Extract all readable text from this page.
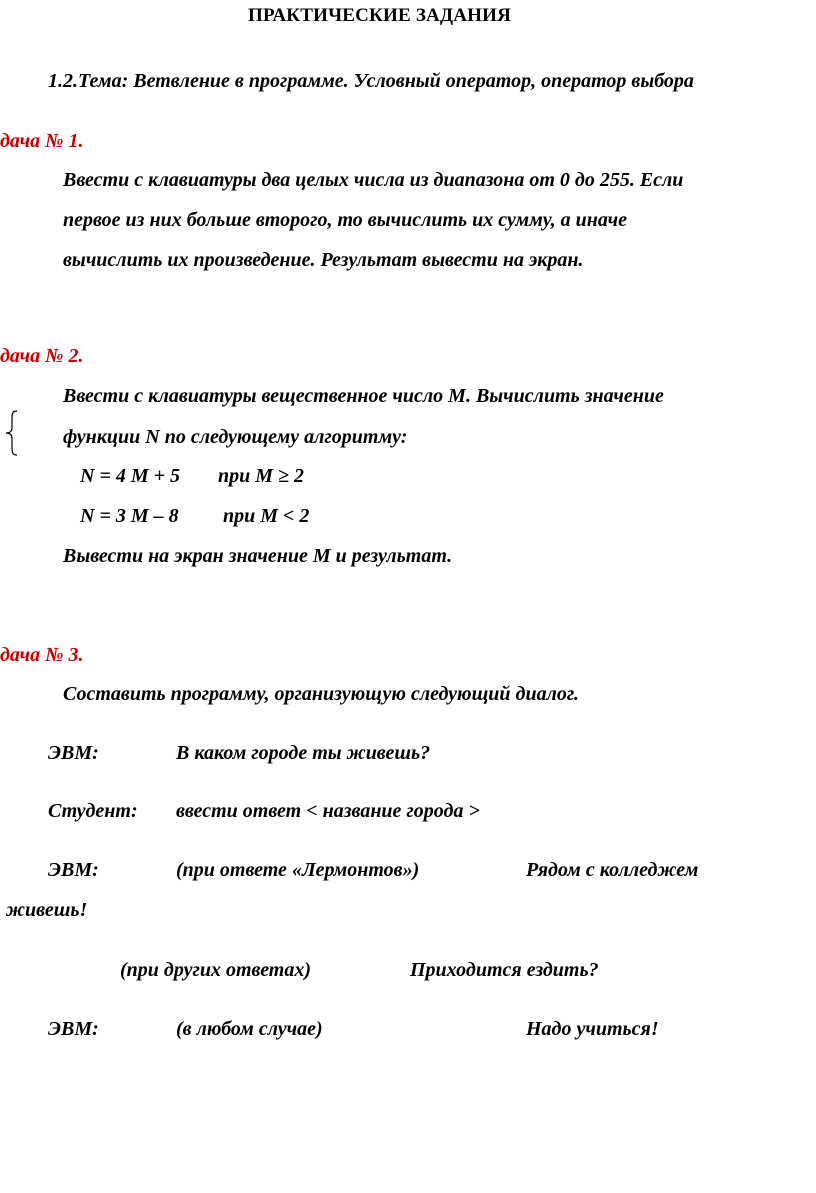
ПРАКТИЧЕСКИЕ ЗАДАНИЯ
1.2.Тема: Ветвление в программе. Условный оператор, оператор выбора
дача № 1.
Ввести с клавиатуры два целых числа из диапазона от 0 до 255. Если
первое из них больше второго, то вычислить их сумму, а иначе
вычислить их произведение. Результат вывести на экран.
дача № 2.
Ввести с клавиатуры вещественное число М. Вычислить значение
функции N по следующему алгоритму:
N = 4 M + 5 при M ≥ 2
N = 3 M – 8 при M < 2
Вывести на экран значение М и результат.
дача № 3.
Составить программу, организующую следующий диалог.
ЭВМ:	В каком городе ты живешь?
Студент: ввести ответ < название города >
ЭВМ:	(при ответе «Лермонтов»)	Рядом с колледжем
живешь!
(при других ответах)	Приходится ездить?
ЭВМ:	(в любом случае)	Надо учиться!
